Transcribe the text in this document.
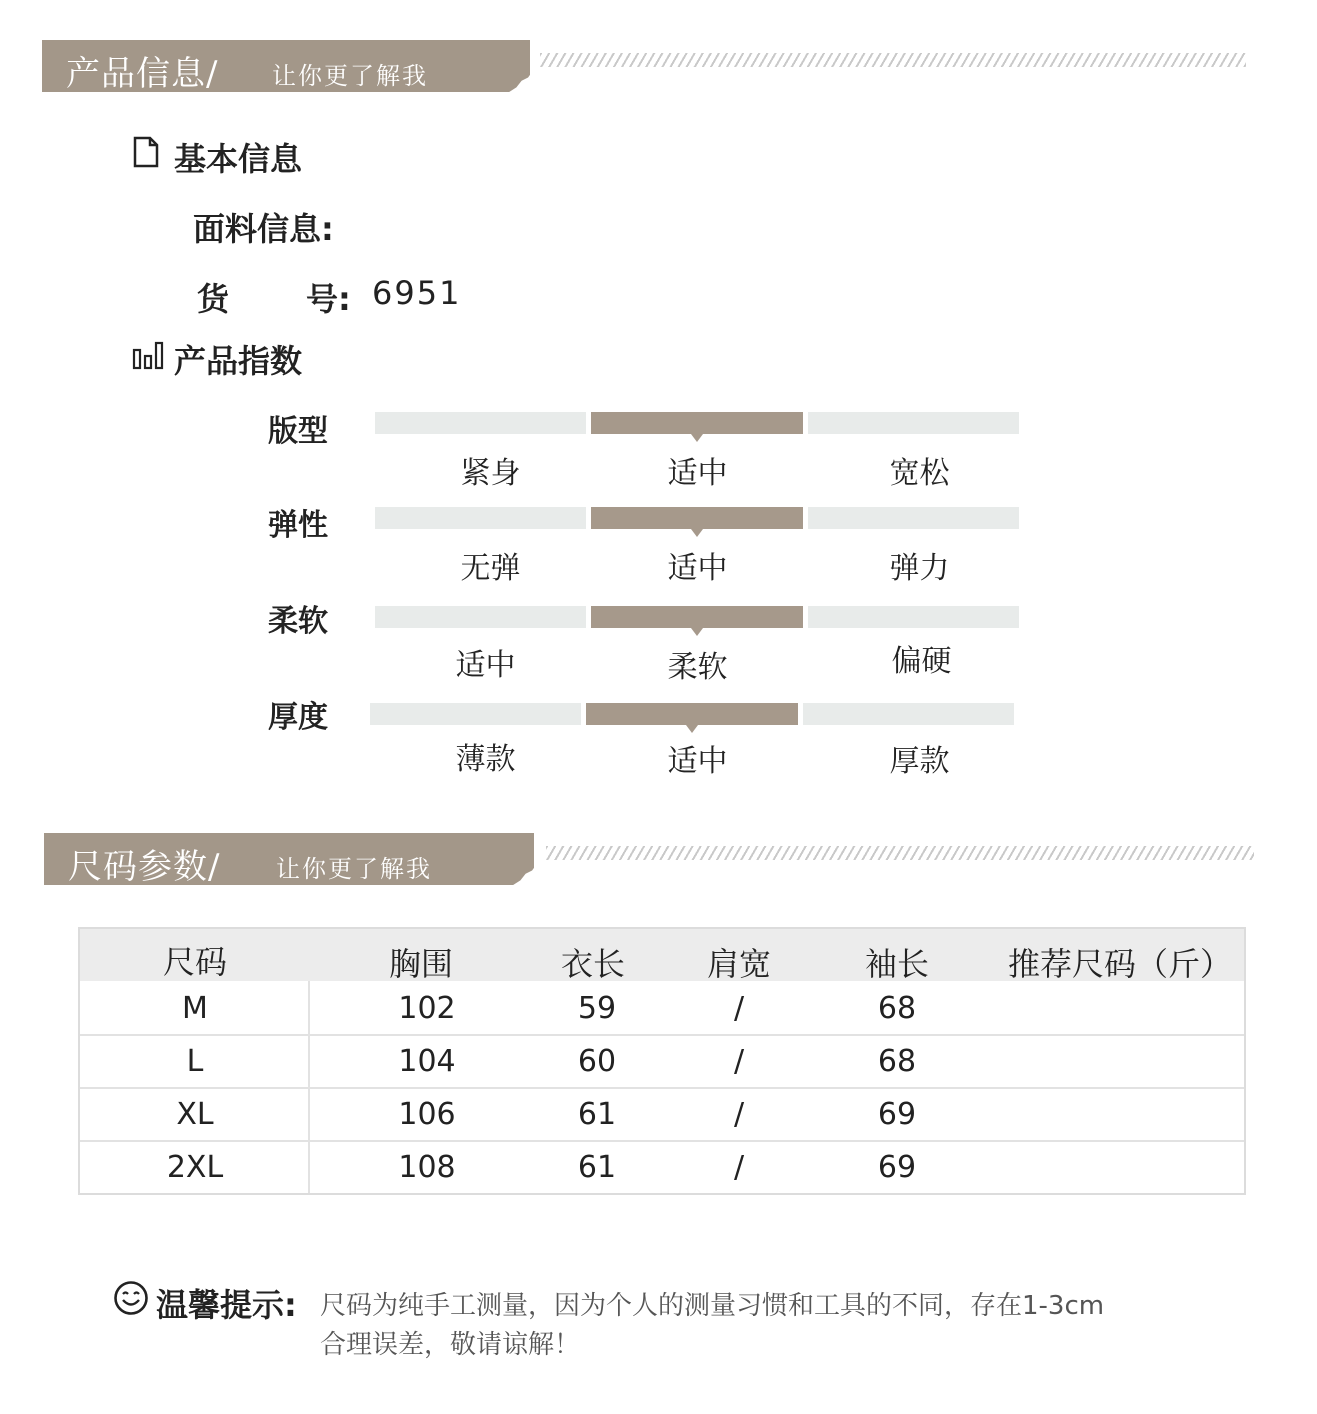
产品信息/ 让你更了解我
基本信息
面料信息:
货 号: 6951
产品指数
版型
紧身	适中	宽松
弹性
无弹	适中	弹力
柔软
适中	柔软	偏硬
厚度
薄款	适中	厚款
尺码参数/ 让你更了解我
尺码	胸围	衣长	肩宽	袖长	推荐尺码（斤）
M	102	59	/	68
L	104	60	/	68
XL	106	61	/	69
2XL	108	61	/	69
温馨提示: 尺码为纯手工测量，因为个人的测量习惯和工具的不同，存在1-3cm
合理误差，敬请谅解！
